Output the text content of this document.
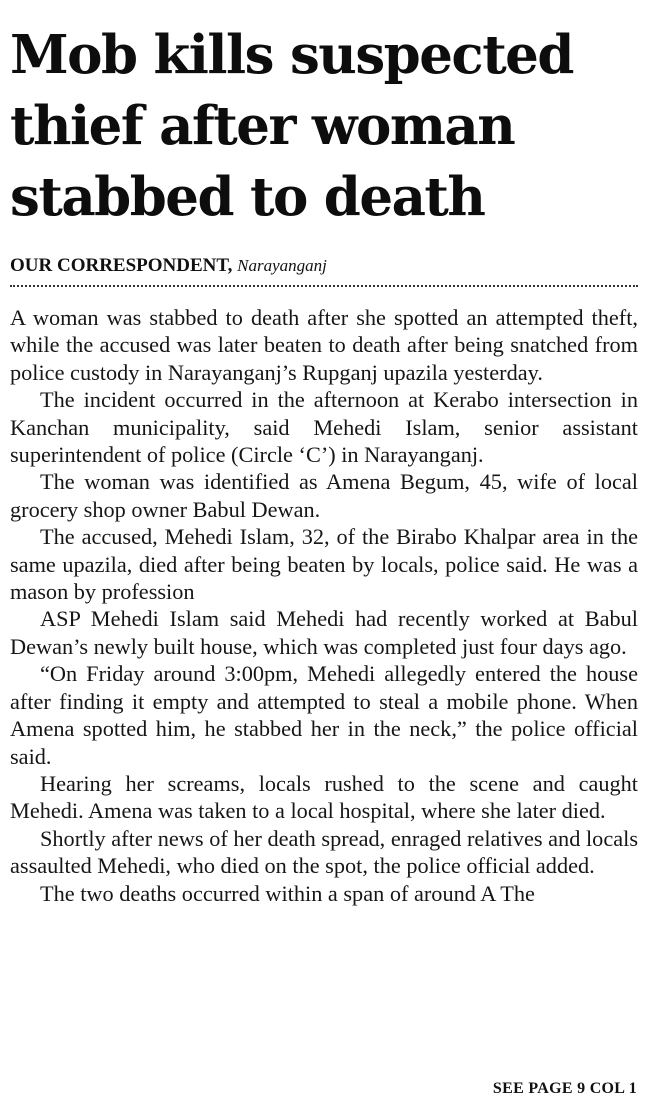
Mob kills suspected
thief after woman
stabbed to death
OUR CORRESPONDENT, Narayanganj

A woman was stabbed to death after she spotted an attempted theft, while the accused was later beaten to death after being snatched from police custody in Narayanganj’s Rupganj upazila yesterday.

The incident occurred in the afternoon at Kerabo intersection in Kanchan municipality, said Mehedi Islam, senior assistant superintendent of police (Circle ‘C’) in Narayanganj.

The woman was identified as Amena Begum, 45, wife of local grocery shop owner Babul Dewan.

The accused, Mehedi Islam, 32, of the Birabo Khalpar area in the same upazila, died after being beaten by locals, police said. He was a mason by profession

ASP Mehedi Islam said Mehedi had recently worked at Babul Dewan’s newly built house, which was completed just four days ago.

“On Friday around 3:00pm, Mehedi allegedly entered the house after finding it empty and attempted to steal a mobile phone. When Amena spotted him, he stabbed her in the neck,” the police official said.

Hearing her screams, locals rushed to the scene and caught Mehedi. Amena was taken to a local hospital, where she later died.

Shortly after news of her death spread, enraged relatives and locals assaulted Mehedi, who died on the spot, the police official added.

The two deaths occurred within a span of around A The

SEE PAGE 9 COL 1
